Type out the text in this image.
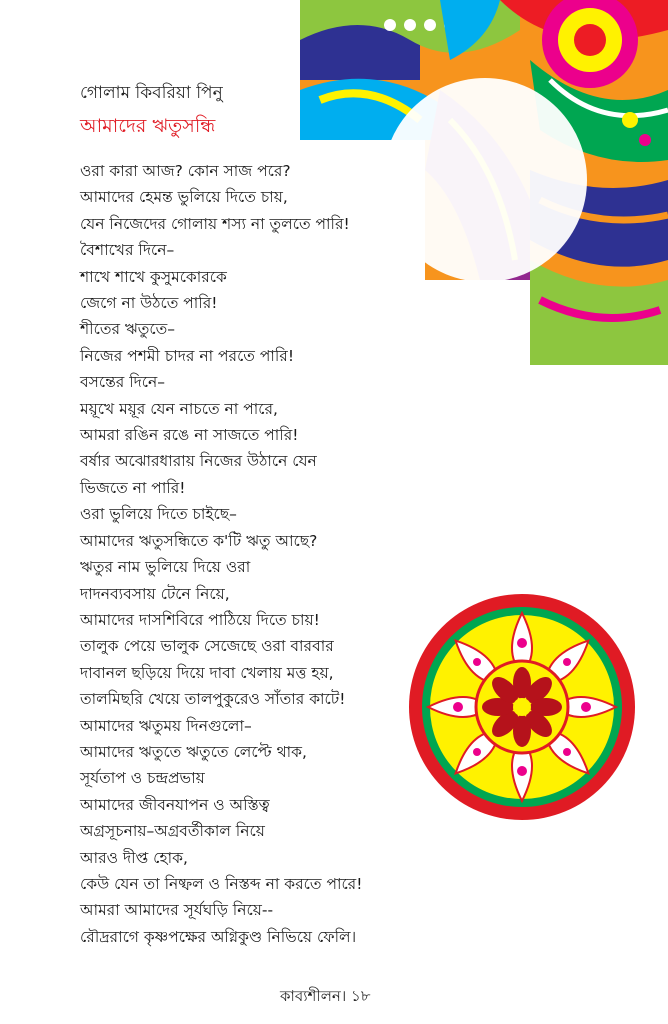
গোলাম কিবরিয়া পিনু
আমাদের ঋতুসন্ধি
ওরা কারা আজ? কোন সাজ পরে?
আমাদের হেমন্ত ভুলিয়ে দিতে চায়,
যেন নিজেদের গোলায় শস্য না তুলতে পারি!
বৈশাখের দিনে–
শাখে শাখে কুসুমকোরকে
জেগে না উঠতে পারি!
শীতের ঋতুতে–
নিজের পশমী চাদর না পরতে পারি!
বসন্তের দিনে–
ময়ূখে ময়ূর যেন নাচতে না পারে,
আমরা রঙিন রঙে না সাজতে পারি!
বর্ষার অঝোরধারায় নিজের উঠানে যেন
ভিজতে না পারি!
ওরা ভুলিয়ে দিতে চাইছে–
আমাদের ঋতুসন্ধিতে ক'টি ঋতু আছে?
ঋতুর নাম ভুলিয়ে দিয়ে ওরা
দাদনব্যবসায় টেনে নিয়ে,
আমাদের দাসশিবিরে পাঠিয়ে দিতে চায়!
তালুক পেয়ে ভালুক সেজেছে ওরা বারবার
দাবানল ছড়িয়ে দিয়ে দাবা খেলায় মত্ত হয়,
তালমিছরি খেয়ে তালপুকুরেও সাঁতার কাটে!
আমাদের ঋতুময় দিনগুলো–
আমাদের ঋতুতে ঋতুতে লেপ্টে থাক,
সূর্যতাপ ও চন্দ্রপ্রভায়
আমাদের জীবনযাপন ও অস্তিত্ব
অগ্রসূচনায়–অগ্রবর্তীকাল নিয়ে
আরও দীপ্ত হোক,
কেউ যেন তা নিষ্ফল ও নিস্তব্দ না করতে পারে!
আমরা আমাদের সূর্যঘড়ি নিয়ে--
রৌদ্ররাগে কৃষ্ণপক্ষের অগ্নিকুণ্ড নিভিয়ে ফেলি।
কাব্যশীলন। ১৮
